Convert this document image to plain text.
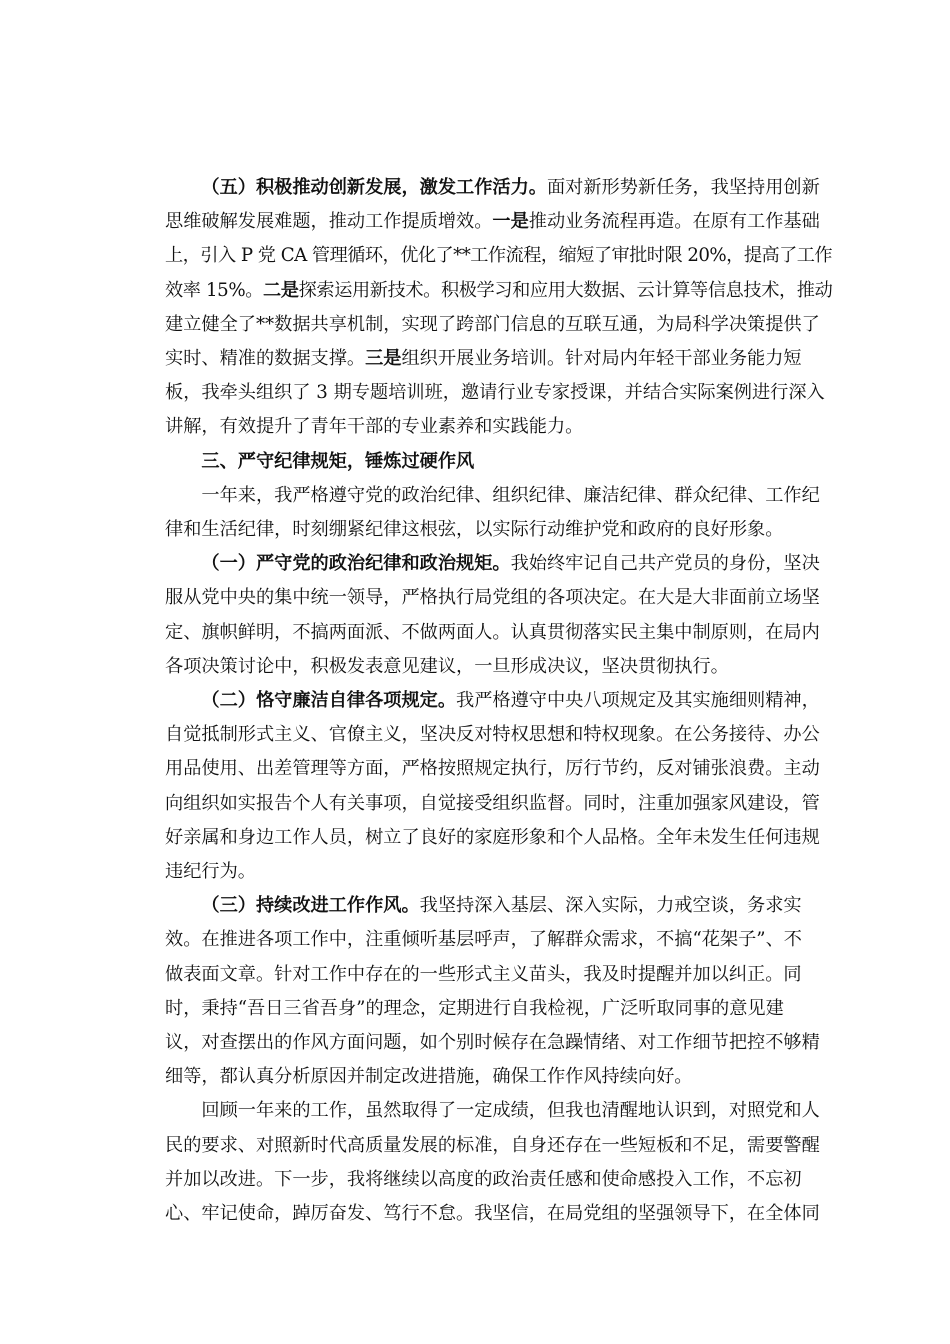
（五）积极推动创新发展，激发工作活力。面对新形势新任务，我坚持用创新
思维破解发展难题，推动工作提质增效。一是推动业务流程再造。在原有工作基础
上，引入 P 党 CA 管理循环，优化了**工作流程，缩短了审批时限 20%，提高了工作
效率 15%。二是探索运用新技术。积极学习和应用大数据、云计算等信息技术，推动
建立健全了**数据共享机制，实现了跨部门信息的互联互通，为局科学决策提供了
实时、精准的数据支撑。三是组织开展业务培训。针对局内年轻干部业务能力短
板，我牵头组织了 3 期专题培训班，邀请行业专家授课，并结合实际案例进行深入
讲解，有效提升了青年干部的专业素养和实践能力。
三、严守纪律规矩，锤炼过硬作风
一年来，我严格遵守党的政治纪律、组织纪律、廉洁纪律、群众纪律、工作纪
律和生活纪律，时刻绷紧纪律这根弦，以实际行动维护党和政府的良好形象。
（一）严守党的政治纪律和政治规矩。我始终牢记自己共产党员的身份，坚决
服从党中央的集中统一领导，严格执行局党组的各项决定。在大是大非面前立场坚
定、旗帜鲜明，不搞两面派、不做两面人。认真贯彻落实民主集中制原则，在局内
各项决策讨论中，积极发表意见建议，一旦形成决议，坚决贯彻执行。
（二）恪守廉洁自律各项规定。我严格遵守中央八项规定及其实施细则精神，
自觉抵制形式主义、官僚主义，坚决反对特权思想和特权现象。在公务接待、办公
用品使用、出差管理等方面，严格按照规定执行，厉行节约，反对铺张浪费。主动
向组织如实报告个人有关事项，自觉接受组织监督。同时，注重加强家风建设，管
好亲属和身边工作人员，树立了良好的家庭形象和个人品格。全年未发生任何违规
违纪行为。
（三）持续改进工作作风。我坚持深入基层、深入实际，力戒空谈，务求实
效。在推进各项工作中，注重倾听基层呼声，了解群众需求，不搞“花架子”、不
做表面文章。针对工作中存在的一些形式主义苗头，我及时提醒并加以纠正。同
时，秉持“吾日三省吾身”的理念，定期进行自我检视，广泛听取同事的意见建
议，对查摆出的作风方面问题，如个别时候存在急躁情绪、对工作细节把控不够精
细等，都认真分析原因并制定改进措施，确保工作作风持续向好。
回顾一年来的工作，虽然取得了一定成绩，但我也清醒地认识到，对照党和人
民的要求、对照新时代高质量发展的标准，自身还存在一些短板和不足，需要警醒
并加以改进。下一步，我将继续以高度的政治责任感和使命感投入工作，不忘初
心、牢记使命，踔厉奋发、笃行不怠。我坚信，在局党组的坚强领导下，在全体同
